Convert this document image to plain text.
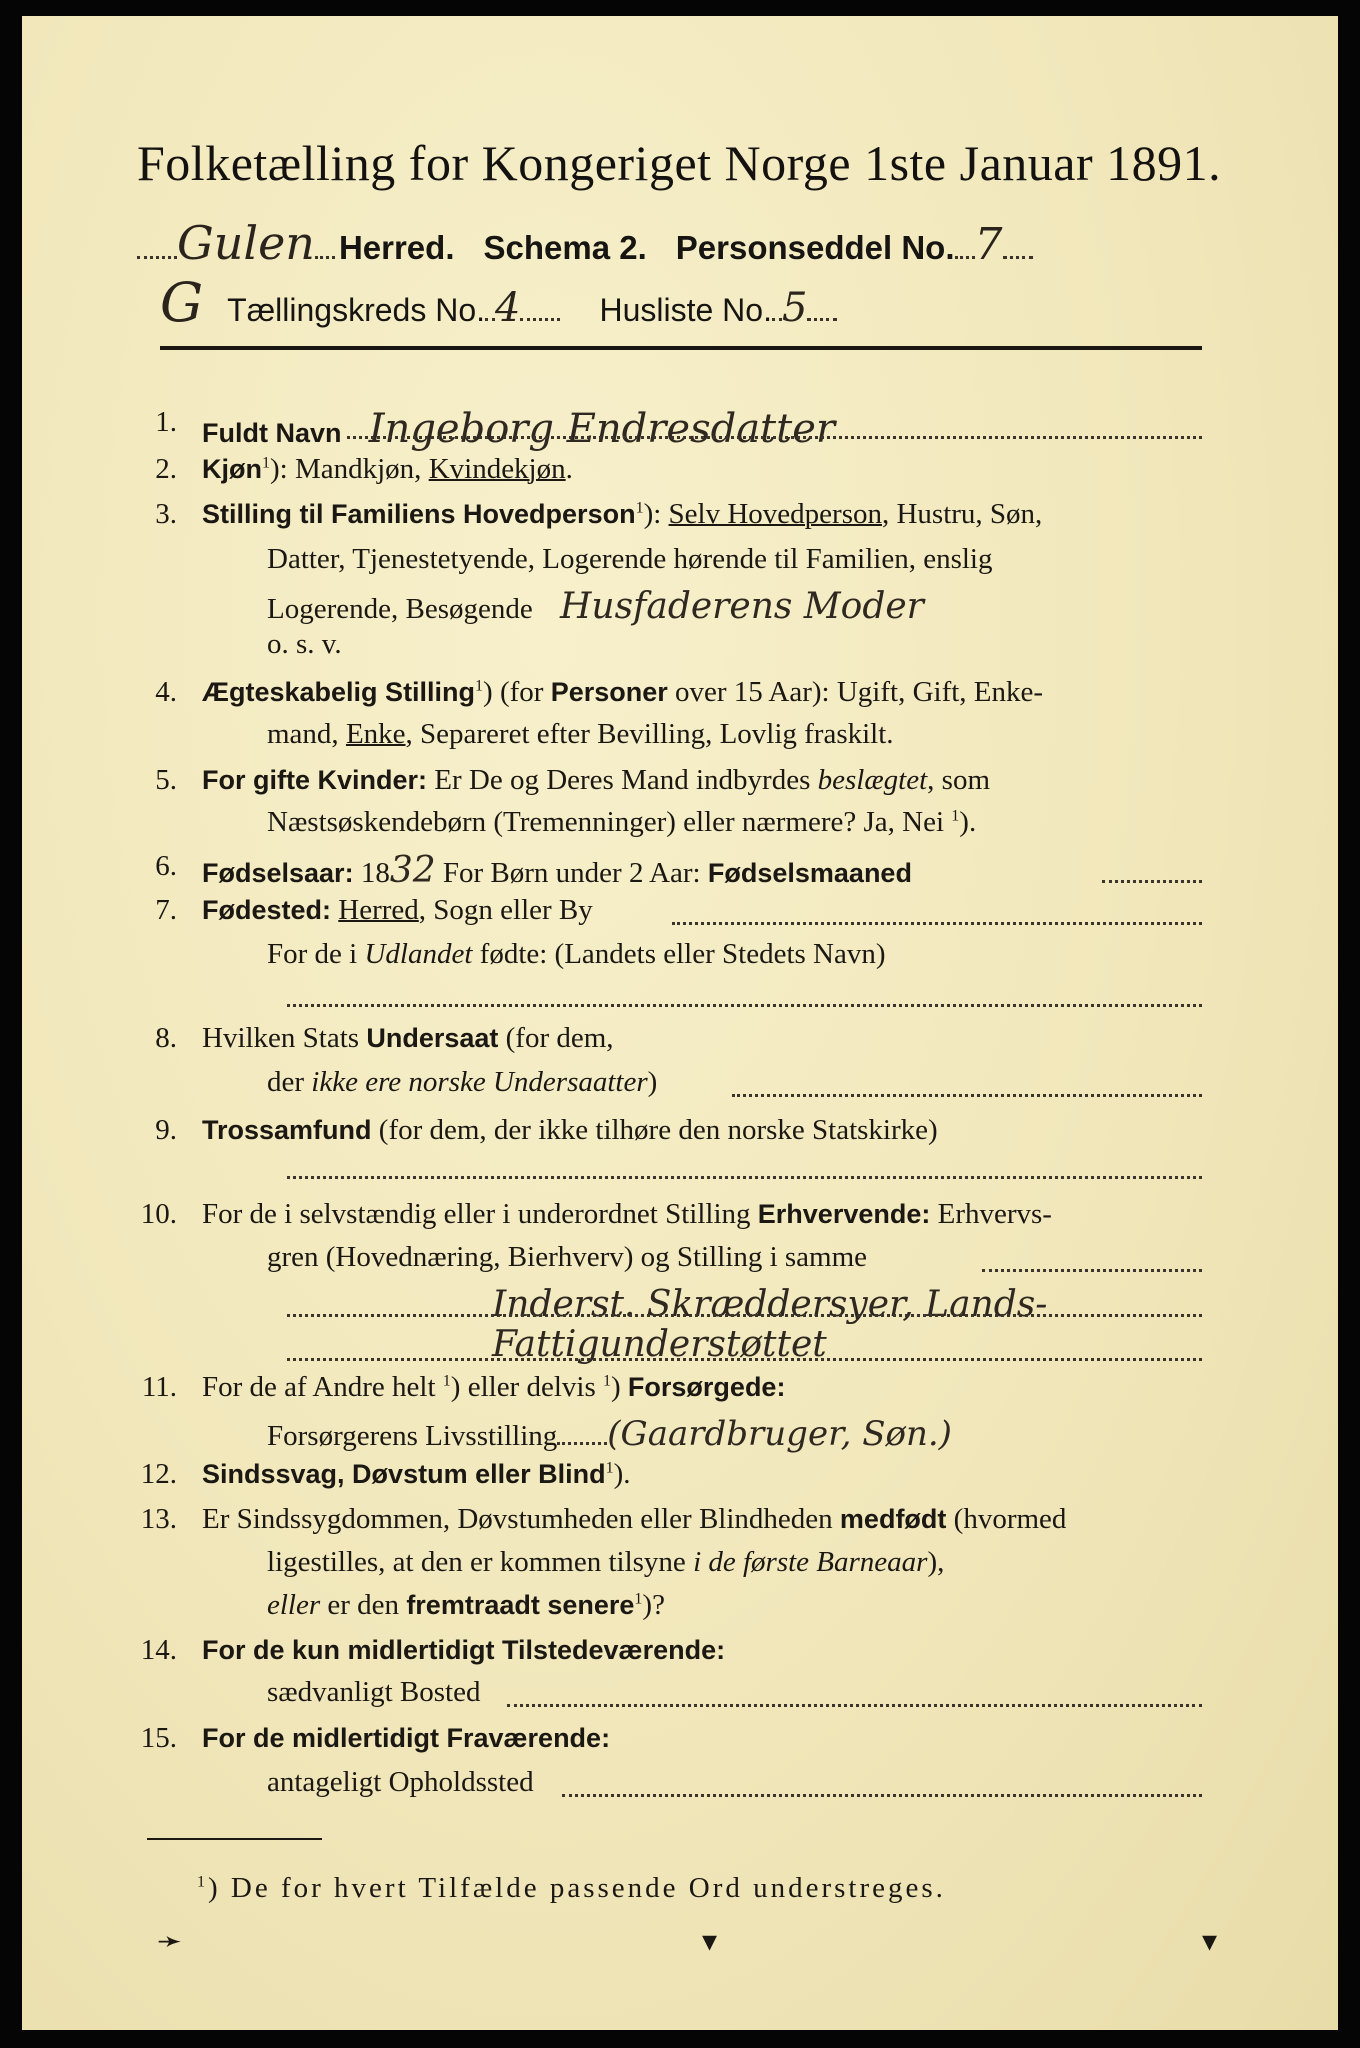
Folketælling for Kongeriget Norge 1ste Januar 1891.
Gulen Herred. Schema 2. Personseddel No. 7
G Tællingskreds No. 4 Husliste No. 5
1. Fuldt Navn Ingeborg Endresdatter
2. Kjøn$^1$): Mandkjøn, Kvindekjøn.
3. Stilling til Familiens Hovedperson$^1$): Selv Hovedperson, Hustru, Søn,
Datter, Tjenestetyende, Logerende hørende til Familien, enslig
Logerende, Besøgende Husfaderens Moder
o. s. v.
4. Ægteskabelig Stilling$^1$) (for Personer over 15 Aar): Ugift, Gift, Enke-
mand, Enke, Separeret efter Bevilling, Lovlig fraskilt.
5. For gifte Kvinder: Er De og Deres Mand indbyrdes beslægtet, som
Næstsøskendebørn (Tremenninger) eller nærmere? Ja, Nei $^1$).
6. Fødselsaar: 1832 For Børn under 2 Aar: Fødselsmaaned
7. Fødested: Herred, Sogn eller By
For de i Udlandet fødte: (Landets eller Stedets Navn)
8. Hvilken Stats Undersaat (for dem,
der ikke ere norske Undersaatter)
9. Trossamfund (for dem, der ikke tilhøre den norske Statskirke)
10. For de i selvstændig eller i underordnet Stilling Erhvervende: Erhvervs-
gren (Hovednæring, Bierhverv) og Stilling i samme
Inderst. Skræddersyer, Lands-
Fattigunderstøttet
11. For de af Andre helt $^1$) eller delvis $^1$) Forsørgede:
Forsørgerens Livsstilling (Gaardbruger, Søn.)
12. Sindssvag, Døvstum eller Blind$^1$).
13. Er Sindssygdommen, Døvstumheden eller Blindheden medfødt (hvormed
ligestilles, at den er kommen tilsyne i de første Barneaar),
eller er den fremtraadt senere$^1$)?
14. For de kun midlertidigt Tilstedeværende:
sædvanligt Bosted
15. For de midlertidigt Fraværende:
antageligt Opholdssted
$^1$) De for hvert Tilfælde passende Ord understreges.
➛	▾	▾
